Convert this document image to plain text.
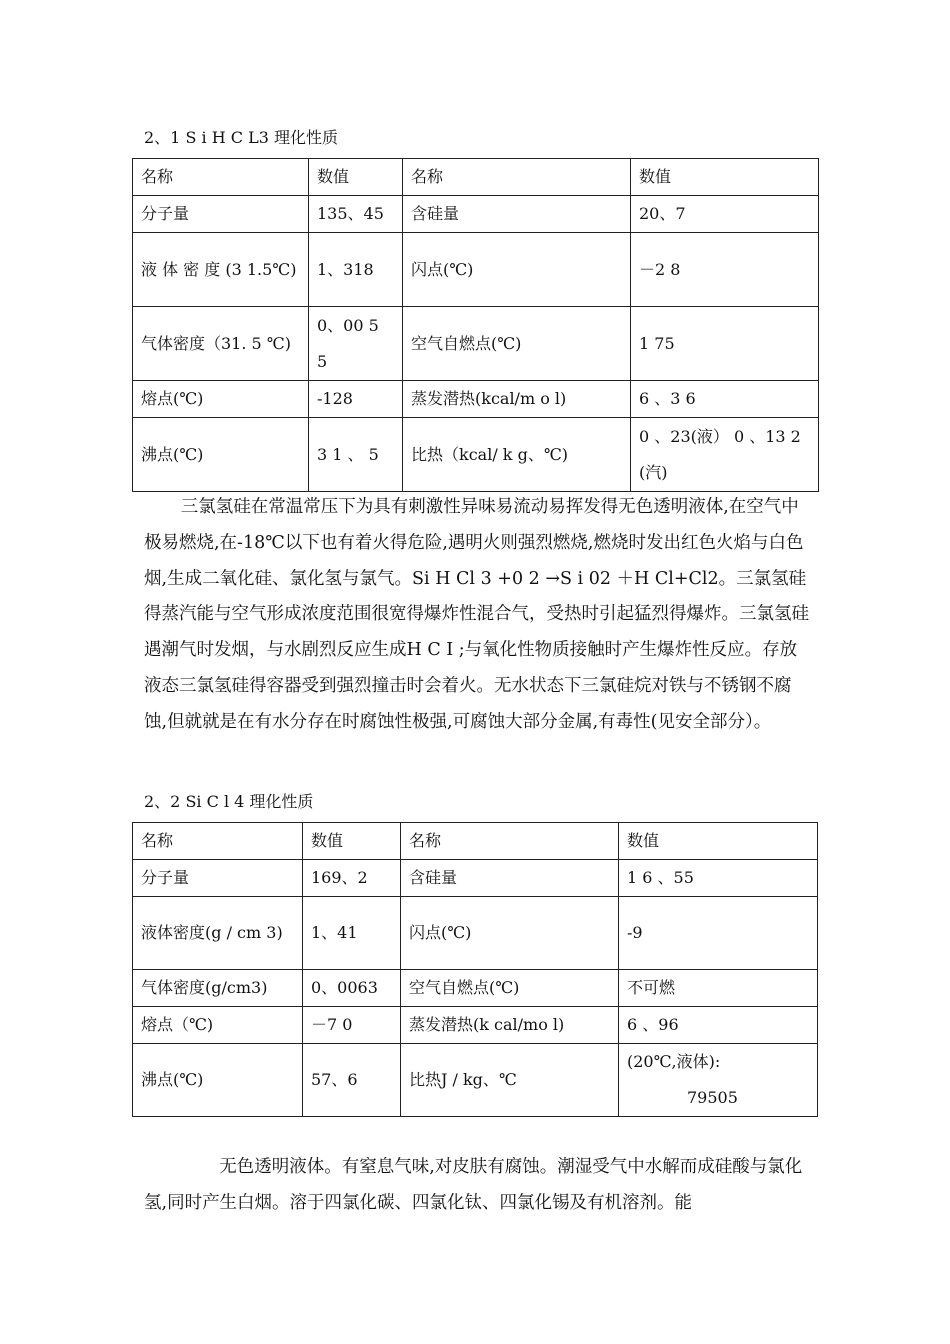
2、1 S i H C L3 理化性质
名称	数值	名称	数值
分子量	135、45	含硅量	20、7
液 体 密 度 (3 1.5℃)	1、318	闪点(℃)	－2 8
气体密度（31. 5 ℃)	0、00 5 5	空气自燃点(℃)	1 75
熔点(℃)	-128	蒸发潜热(kcal/m o l)	6 、3 6
沸点(℃)	3 1 、 5	比热（kcal/ k g、℃)	0 、23(液） 0 、13 2 (汽)

三氯氢硅在常温常压下为具有刺激性异味易流动易挥发得无色透明液体,在空气中极易燃烧,在-18℃以下也有着火得危险,遇明火则强烈燃烧,燃烧时发出红色火焰与白色烟,生成二氧化硅、氯化氢与氯气。Si H Cl 3 +0 2 →S i 02 ＋H Cl+Cl2。三氯氢硅得蒸汽能与空气形成浓度范围很宽得爆炸性混合气，受热时引起猛烈得爆炸。三氯氢硅遇潮气时发烟，与水剧烈反应生成H C I ;与氧化性物质接触时产生爆炸性反应。存放液态三氯氢硅得容器受到强烈撞击时会着火。无水状态下三氯硅烷对铁与不锈钢不腐蚀,但就就是在有水分存在时腐蚀性极强,可腐蚀大部分金属,有毒性(见安全部分）。

2、2 Si C l 4 理化性质
名称	数值	名称	数值
分子量	169、2	含硅量	1 6 、55
液体密度(g / cm 3)	1、41	闪点(℃)	-9
气体密度(g/cm3)	0、0063	空气自燃点(℃)	不可燃
熔点（℃)	－7 0	蒸发潜热(k cal/mo l)	6 、96
沸点(℃)	57、6	比热J / kg、℃	(20℃,液体):
79505

无色透明液体。有窒息气味,对皮肤有腐蚀。潮湿受气中水解而成硅酸与氯化氢,同时产生白烟。溶于四氯化碳、四氯化钛、四氯化锡及有机溶剂。能
